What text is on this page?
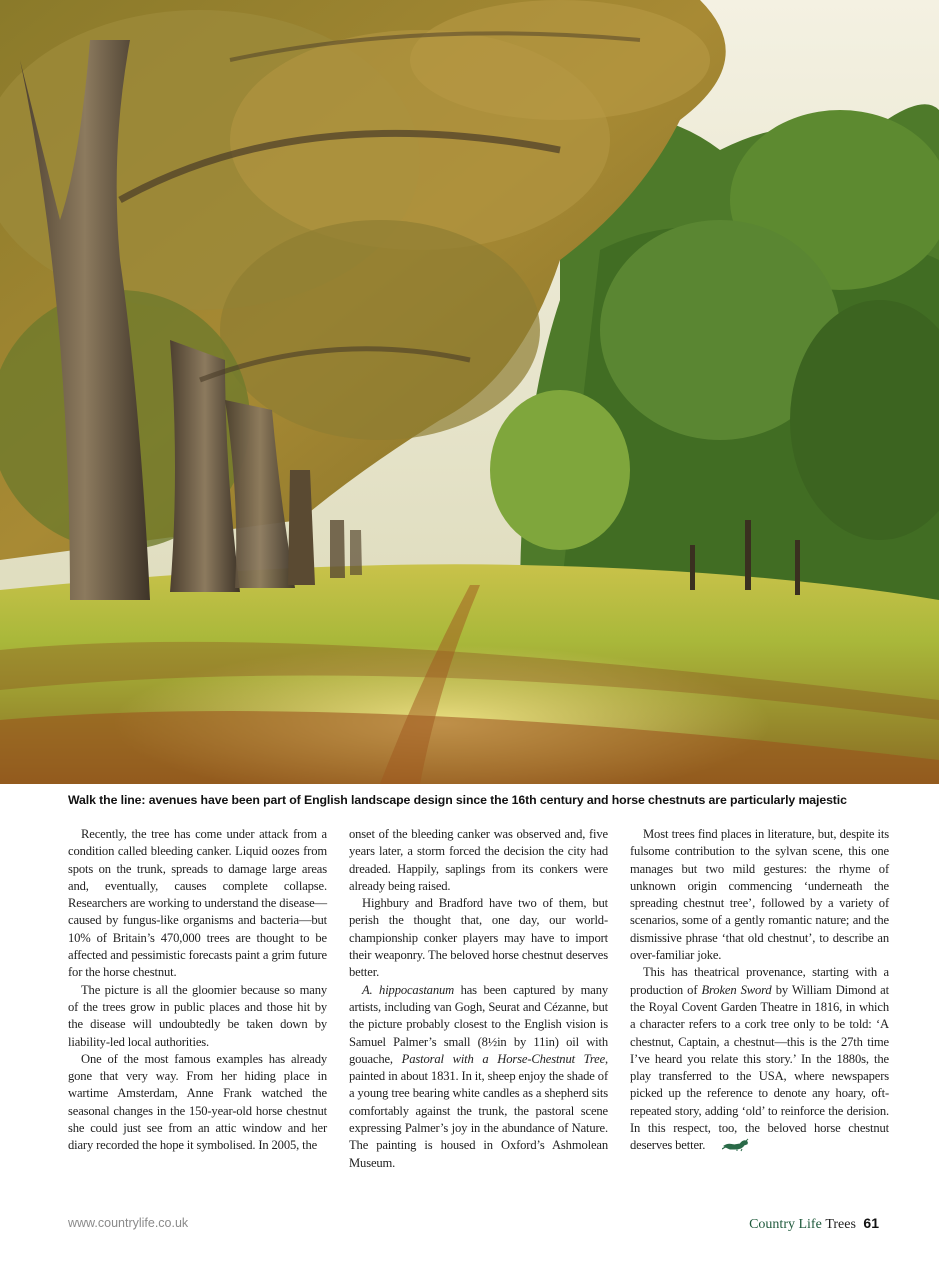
Walk the line: avenues have been part of English landscape design since the 16th century and horse chestnuts are particularly majestic

Recently, the tree has come under attack from a condition called bleeding canker. Liquid oozes from spots on the trunk, spreads to damage large areas and, eventually, causes complete collapse. Researchers are working to understand the disease—caused by fungus-like organisms and bacteria—but 10% of Britain’s 470,000 trees are thought to be affected and pessimistic forecasts paint a grim future for the horse chestnut.

The picture is all the gloomier because so many of the trees grow in public places and those hit by the disease will undoubtedly be taken down by liability-led local authorities.

One of the most famous examples has already gone that very way. From her hiding place in wartime Amsterdam, Anne Frank watched the seasonal changes in the 150-year-old horse chestnut she could just see from an attic window and her diary recorded the hope it symbolised. In 2005, the

onset of the bleeding canker was observed and, five years later, a storm forced the decision the city had dreaded. Happily, saplings from its conkers were already being raised.

Highbury and Bradford have two of them, but perish the thought that, one day, our world-championship conker players may have to import their weaponry. The beloved horse chestnut deserves better.

A. hippocastanum has been captured by many artists, including van Gogh, Seurat and Cézanne, but the picture probably closest to the English vision is Samuel Palmer’s small (8½in by 11in) oil with gouache, Pastoral with a Horse-Chestnut Tree, painted in about 1831. In it, sheep enjoy the shade of a young tree bearing white candles as a shepherd sits comfortably against the trunk, the pastoral scene expressing Palmer’s joy in the abundance of Nature. The painting is housed in Oxford’s Ashmolean Museum.

Most trees find places in literature, but, despite its fulsome contribution to the sylvan scene, this one manages but two mild gestures: the rhyme of unknown origin commencing ‘underneath the spreading chestnut tree’, followed by a variety of scenarios, some of a gently romantic nature; and the dismissive phrase ‘that old chestnut’, to describe an over-familiar joke.

This has theatrical provenance, starting with a production of Broken Sword by William Dimond at the Royal Covent Garden Theatre in 1816, in which a character refers to a cork tree only to be told: ‘A chestnut, Captain, a chestnut—this is the 27th time I’ve heard you relate this story.’ In the 1880s, the play transferred to the USA, where newspapers picked up the reference to denote any hoary, oft-repeated story, adding ‘old’ to reinforce the derision. In this respect, too, the beloved horse chestnut deserves better.

www.countrylife.co.uk	Country Life Trees 61
